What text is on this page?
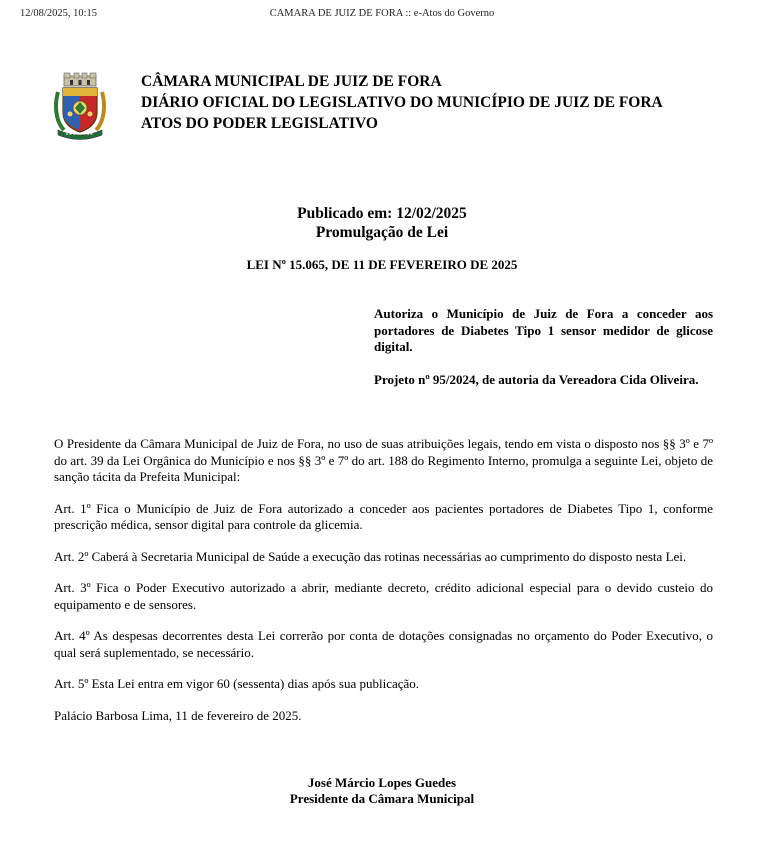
12/08/2025, 10:15	CAMARA DE JUIZ DE FORA :: e-Atos do Governo
CÂMARA MUNICIPAL DE JUIZ DE FORA
DIÁRIO OFICIAL DO LEGISLATIVO DO MUNICÍPIO DE JUIZ DE FORA
ATOS DO PODER LEGISLATIVO
Publicado em: 12/02/2025
Promulgação de Lei
LEI Nº 15.065, DE 11 DE FEVEREIRO DE 2025

Autoriza o Município de Juiz de Fora a conceder aos portadores de Diabetes Tipo 1 sensor medidor de glicose digital.

Projeto nº 95/2024, de autoria da Vereadora Cida Oliveira.

O Presidente da Câmara Municipal de Juiz de Fora, no uso de suas atribuições legais, tendo em vista o disposto nos §§ 3º e 7º do art. 39 da Lei Orgânica do Município e nos §§ 3º e 7º do art. 188 do Regimento Interno, promulga a seguinte Lei, objeto de sanção tácita da Prefeita Municipal:

Art. 1º Fica o Município de Juiz de Fora autorizado a conceder aos pacientes portadores de Diabetes Tipo 1, conforme prescrição médica, sensor digital para controle da glicemia.

Art. 2º Caberá à Secretaria Municipal de Saúde a execução das rotinas necessárias ao cumprimento do disposto nesta Lei.

Art. 3º Fica o Poder Executivo autorizado a abrir, mediante decreto, crédito adicional especial para o devido custeio do equipamento e de sensores.

Art. 4º As despesas decorrentes desta Lei correrão por conta de dotações consignadas no orçamento do Poder Executivo, o qual será suplementado, se necessário.

Art. 5º Esta Lei entra em vigor 60 (sessenta) dias após sua publicação.

Palácio Barbosa Lima, 11 de fevereiro de 2025.

José Márcio Lopes Guedes
Presidente da Câmara Municipal
